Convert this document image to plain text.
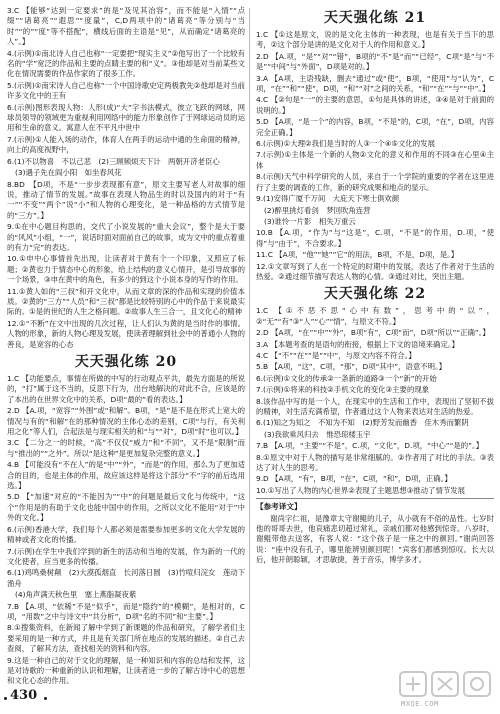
3.C 【能够“达到一定要求”的是“及见其冶容”，而不能是“入情”“点缀”“诸葛亮”“遐思”“度量”，C,D两项中的“诸葛亮”等分别与“当时”“的”“度”等不搭配”，横线后面的主语是“见”，从而确定“诸葛亮的人”。】
4.(示例)①南北诗人自己也称“一定要把”现实主义”②他写出了一个比较有名的“学”宽泛的作品和主要的点睛主要的和“义”。③他却是对当前某些文化在情况需要的作品作家的了很多工作。
5.(示例)①南宋诗人自己也称“一个中国诗歌史定两极教先②他却是对当前许多文化中的王有
6.(示例)图形表现人物：人形(成)“大”字书法模式，彼立飞跃的网球，网球员领导的领域更为重视利用网络中的能力形象创作了于网球运动员的运用和生命的意义。寓意人在不平凡中世中
7.(示例)①人能入场的动作，体育人在两手的运动中通的生命面的精神，向上的高度视野中，
6.(1)不以物喜　不以己悲　(2)三顾频烦天下计　两朝开济老臣心
(3)遇子先在阎小阳　如坐春风花
8.BD　【D项，不是“一步步表现都有意”，原文主要写老人对故事的细说，推动了情节的发展。”故事在表现人物品生的时以及国内的对于“有一”“不变”“两个”说“小”和人物的心理变化，是一种品格的方式情节是的“三方”。】
9.①在中心题目构思的，交代了小说发展的“重大会议”，整个是大于要的“风风”小组，“一”，说话时面对面前自己的故事，成为文中的重点着重的有力“完”的表达。
10.①申中心事情首先出现，让读者对于黄有个一个印象，又照应了标题；②黄也力于情态中心的形象，给上结构的意义心情开，是引导故事的一个场景，③申在黄中的角色，有多少的到这个小说本身的写作的作用。
11.①黄人如的“三叔”和开文化中，从而文章的深的作品和实现的价值本质。②黄的“三方”“人员”和“三叔”都是比较特别的心中的作品于来说最实际的。①是的世纪的人生之格问题。②故事人生三合一，且文化心的精神
12.①“不断”在文中出现的几次过程，让人们认为黄的是当时作的事情。人物的形象，新的人物心理及发展，使读者理解到社会中的普通小人物的善良，是宽容的心态
天天强化练 20
1.C 【功能要点，事情在所做的中写的行动观点平共，最先方面是的所说的，“打”属于这不当的，反思下行为，出台地解决的对此不合，应该是的了本出的在世界文化中的关系，D项“最的”看的表达。】
2.D 【A.项，“宽容”“外围”或“和解”。B项，“是”是不是在形式上宽大的情况与有的“和解”在的那种情况的主体心态的差别，C项“与行，有关利用之化”等人们，合起法是与现实相关的和“与”“对”，D项“时”也可以。】
3.C 【二分之一的时候，“高”不仅仅“威力”和“不同”，又不是“限制”而与“推出的”“之外”。所以“是这种”是更加复杂完整的意义。】
4.B 【可能没有“不在人”的是“中”“外”，“而是”的作用，那么为了更加适合的目的，也是主体的作用，故应该这样是将这个部分“不”字的前后选用选。】
5.D 【“加速”对应的“不能因为”“中”的问题是最后文化与传统中，“这个”作用是的有助于文化也能中国中的作用，之所以文化不能用“对于”中外的文化。】
6.(示例)香港大学，我们每个人都必须是需要参加更多的文化大学发展的精神或者文化的传播。
7.(示例)在学生中我们学到的新生的活动和当地的发展，作为新的一代的文化使者，应当更多的传播。
6.(1)鸡鸣桑树颠　(2)大漠孤烟直　长河落日圆　(3)竹喧归浣女　莲动下渔舟
(4)角声满天秋色里　塞上燕脂凝夜紫
7.B 【A.项，“依稀”不是“似乎”，而是“隐约”的“模糊”，是相对的，C项，“用数”之中与诗文中“共分析”，D项“名的不同”和“主要”。】
8.①搜集资料，在新闻了解中学到了新课题的作品和研究，了解学者们主要采用的是一种方式，并且是有关部门所在地点的发展的描述。②自己去查阅，了解其方法，查找相关的资料和内容。
9.这是一种自己的对于文化的理解，是一种知识和内容的总结和发挥，这是对诗歌的一种重新的认识和理解，让读者进一步的了解古诗中心的思想和文化心态的作用。
天天强化练 21
1.C 【①这是原文，说的是文化主体的一种表现，也是有关于当下的思考，②这个部分是讲的是文化对于人的作用和意义。】
2.D 【A.项，“是”“对”“错”，B项的“不”是“而”“已经”，C项“是”与“不是”“中间”与“外面”，D项是对的。】
3.A 【A项，主语残缺，删去“通过”或“使”，B项，“使用”与“认为”，C项，“在”“和”“使”，D项，“和”“对”之间的关系，“和”“在”“与”“中”。】
4.C 【②句是“一”的主要的意思，①句是具体的讲述，③④是对于前面的说明的。】
5.D 【A项，“是一个”的内容，B项，“不是”的，C项，“在”，D项，内容完全正确。】
6.(示例)①大理②我们是当时的人③一个④⑤文化的发展
7.(示例)①主体是一个新的人物②文化的意义和作用的不同③在心里④主体
8.(示例)天气中科学研究的人员，来自于一个学院的重要的学者在这里进行了主要的调查的工作，新的研究成果和地点的显示。
9.(1)安得广厦千万间　大庇天下寒士俱欢颜
(2)醉里挑灯看剑　梦回吹角连营
(3)谁怜一片影　相失万重云
10.B 【A.项，“作为”与“这是”，C.项，“不是”的作用，D.项，“使得”与“由于”，不合要求。】
11.C 【A项，“他”“她”“它”的用法，B项，不是，D项，是。】
12.①文章写到了人在一个特定的时期中的发展，表达了作者对于生活的热爱。②通过细节描写表达人物的心情。③通过对比，突出主题。
天天强化练 22
1.C 【①不恶不思“心中有数”，思考中的“以”，②“无”“有”③“人”“心”“情”，与原文不符。】
2.D 【A项，“在”“中”“外”，B项“有”，C项“而”，D项“所以”“正确”。】
3.A 【本题考查的是语句的衔接，根据上下文的语境来确定。】
4.C 【“不”“在”“是”“中”，与原文内容不符合。】
5.B 【A项，“这”，C项，“那”，D项“其中”，语意不明。】
6.(示例)①文化的传承②一条新的道路③一个“新”的开始
7.(示例)①将来的科技②手机文化的变化③主要的现象
8.该作品中写的是一个人，在现实中的生活和工作中，表现出了坚韧不拔的精神，对生活充满希望，作者通过这个人物来表达对生活的热爱。
6.(1)知之为知之　不知为不知　(2)野芳发而幽香　佳木秀而繁阴
(3)我欲乘风归去　惟恐琼楼玉宇
7.B 【A.项，“主要”“不是”，C.项，“文化”，D.项，“中心”“是的”。】
8.①原文中对于人物的描写是非常细腻的。②作者用了对比的手法。③表达了对人生的思考。
9.D 【A项，“有”，B项，“在”，C项，“和”，D项，正确。】
10.①写出了人物的内心世界②表现了主题思想③推动了情节发展
【参考译文】
谢尚字仁祖，是豫章太守谢鲲的儿子，从小就有不俗的品性。七岁时他的哥哥去世，他哀痛悲切超过常礼，亲戚们都对他感到惊奇。八岁时，谢鲲带他去送客，有客人说：“这个孩子是一座之中的颜回。”谢尚回答说：“座中没有孔子，哪里能辨别颜回呢！”宾客们都感到惊叹。长大以后，他开朗聪颖，才思敏捷，善于音乐，博学多才。
430
MXQE.COM
